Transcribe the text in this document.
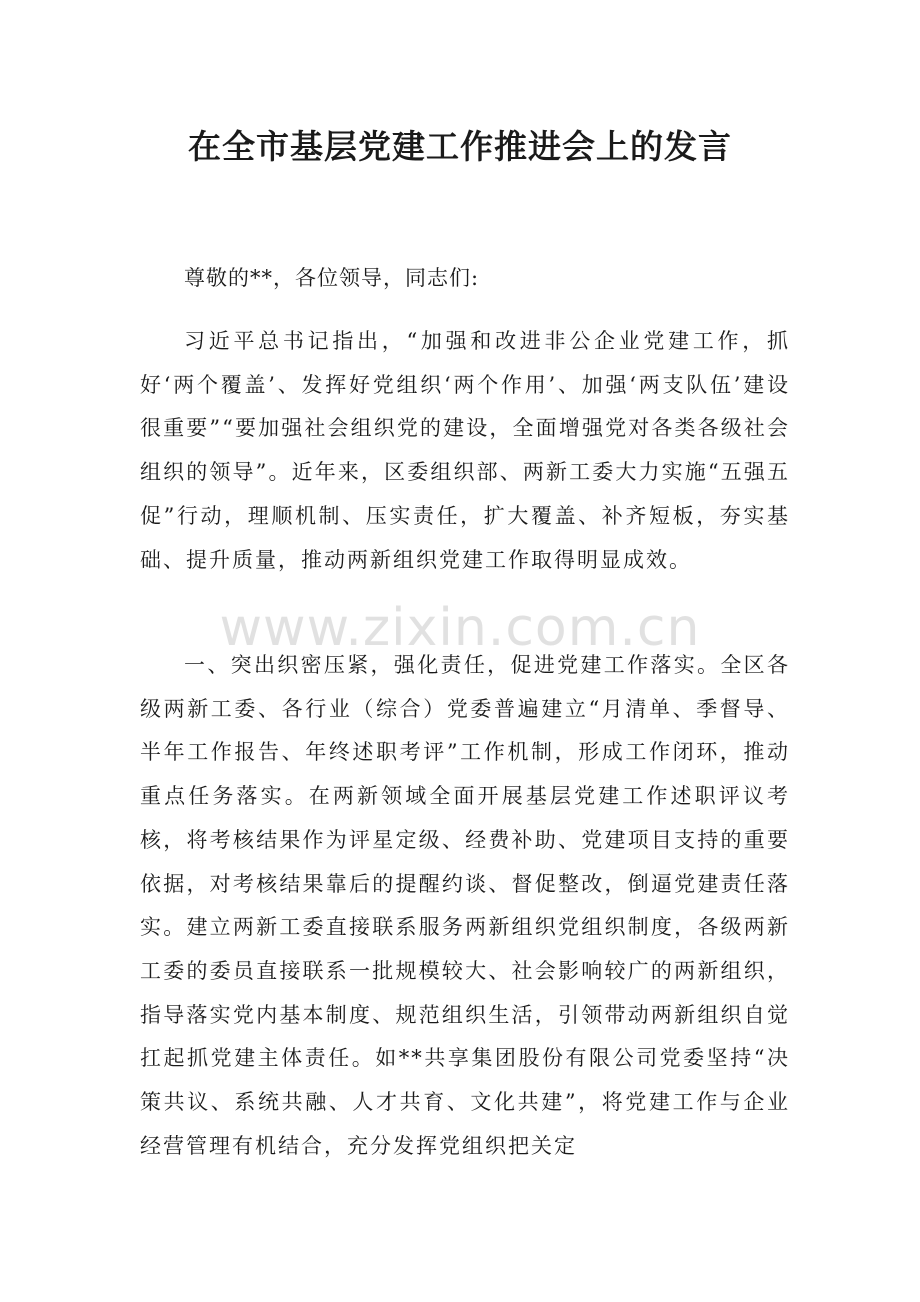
在全市基层党建工作推进会上的发言

尊敬的**，各位领导，同志们:

习近平总书记指出，“加强和改进非公企业党建工作，抓好‘两个覆盖’、发挥好党组织‘两个作用’、加强‘两支队伍’建设很重要”“要加强社会组织党的建设，全面增强党对各类各级社会组织的领导”。近年来，区委组织部、两新工委大力实施“五强五促”行动，理顺机制、压实责任，扩大覆盖、补齐短板，夯实基础、提升质量，推动两新组织党建工作取得明显成效。

一、突出织密压紧，强化责任，促进党建工作落实。全区各级两新工委、各行业（综合）党委普遍建立“月清单、季督导、半年工作报告、年终述职考评”工作机制，形成工作闭环，推动重点任务落实。在两新领域全面开展基层党建工作述职评议考核，将考核结果作为评星定级、经费补助、党建项目支持的重要依据，对考核结果靠后的提醒约谈、督促整改，倒逼党建责任落实。建立两新工委直接联系服务两新组织党组织制度，各级两新工委的委员直接联系一批规模较大、社会影响较广的两新组织，指导落实党内基本制度、规范组织生活，引领带动两新组织自觉扛起抓党建主体责任。如**共享集团股份有限公司党委坚持“决策共议、系统共融、人才共育、文化共建”，将党建工作与企业经营管理有机结合，充分发挥党组织把关定

www.zixin.com.cn
